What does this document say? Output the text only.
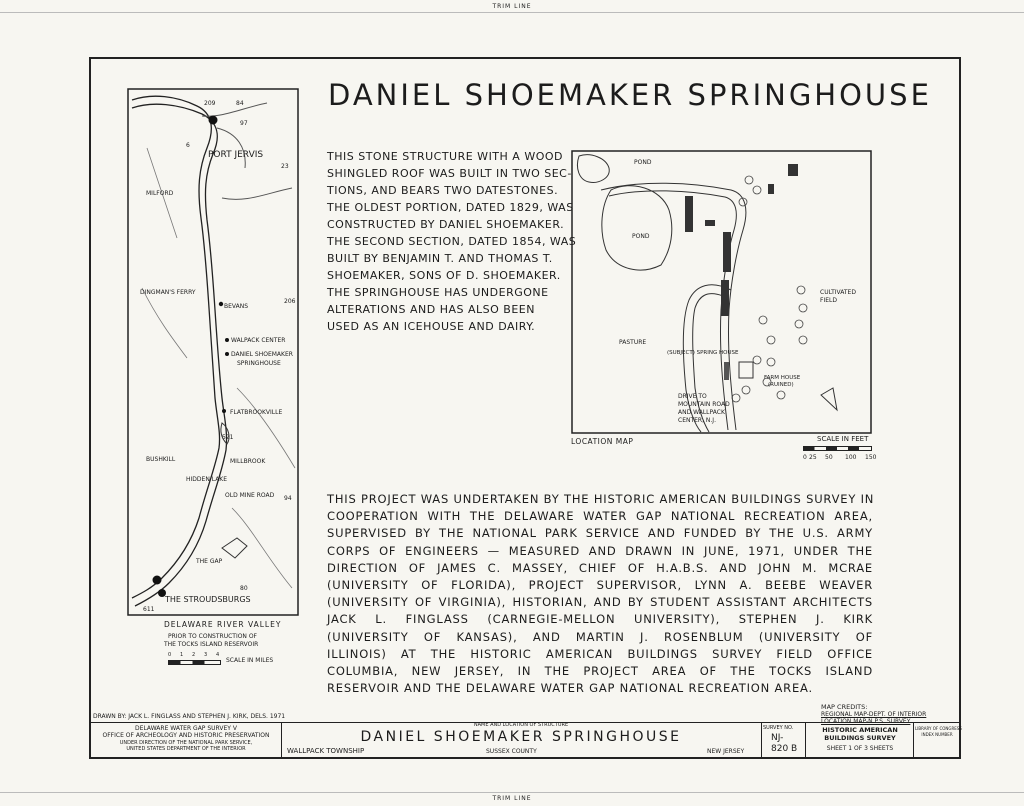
TRIM LINE
TRIM LINE
DANIEL SHOEMAKER SPRINGHOUSE
THIS STONE STRUCTURE WITH A WOOD
SHINGLED ROOF WAS BUILT IN TWO SEC-
TIONS, AND BEARS TWO DATESTONES.
THE OLDEST PORTION, DATED 1829, WAS
CONSTRUCTED BY DANIEL SHOEMAKER.
THE SECOND SECTION, DATED 1854, WAS
BUILT BY BENJAMIN T. AND THOMAS T.
SHOEMAKER, SONS OF D. SHOEMAKER.
THE SPRINGHOUSE HAS UNDERGONE
ALTERATIONS AND HAS ALSO BEEN
USED AS AN ICEHOUSE AND DAIRY.
PORT JERVIS
MILFORD
DINGMAN'S FERRY
BEVANS
WALPACK CENTER
DANIEL SHOEMAKER
SPRINGHOUSE
FLATBROOKVILLE
BUSHKILL	MILLBROOK
HIDDEN LAKE
OLD MINE ROAD
THE GAP
THE STROUDSBURGS
209	84
97
6
23
206
521
94
80
611
DELAWARE RIVER VALLEY
PRIOR TO CONSTRUCTION OF
THE TOCKS ISLAND RESERVOIR
0 1 2 3 4
SCALE IN MILES
POND
POND
CULTIVATED
FIELD
PASTURE
(SUBJECT) SPRING HOUSE
FARM HOUSE
(RUINED)
DRIVE TO
MOUNTAIN ROAD
AND WALLPACK
CENTER, N.J.
LOCATION MAP	SCALE IN FEET
0 25 50 100 150
THIS PROJECT WAS UNDERTAKEN BY THE HISTORIC AMERICAN BUILDINGS SURVEY IN
COOPERATION WITH THE DELAWARE WATER GAP NATIONAL RECREATION AREA,
SUPERVISED BY THE NATIONAL PARK SERVICE AND FUNDED BY THE U.S. ARMY
CORPS OF ENGINEERS — MEASURED AND DRAWN IN JUNE, 1971, UNDER THE
DIRECTION OF JAMES C. MASSEY, CHIEF OF H.A.B.S. AND JOHN M. MCRAE
(UNIVERSITY OF FLORIDA), PROJECT SUPERVISOR, LYNN A. BEEBE WEAVER
(UNIVERSITY OF VIRGINIA), HISTORIAN, AND BY STUDENT ASSISTANT ARCHITECTS
JACK L. FINGLASS (CARNEGIE-MELLON UNIVERSITY), STEPHEN J. KIRK
(UNIVERSITY OF KANSAS), AND MARTIN J. ROSENBLUM (UNIVERSITY OF
ILLINOIS) AT THE HISTORIC AMERICAN BUILDINGS SURVEY FIELD OFFICE
COLUMBIA, NEW JERSEY, IN THE PROJECT AREA OF THE TOCKS ISLAND
RESERVOIR AND THE DELAWARE WATER GAP NATIONAL RECREATION AREA.
MAP CREDITS:
REGIONAL MAP-DEPT. OF INTERIOR
LOCATION MAP-N.P.S. SURVEY
DRAWN BY: JACK L. FINGLASS AND STEPHEN J. KIRK, DELS. 1971
DELAWARE WATER GAP SURVEY V
OFFICE OF ARCHEOLOGY AND HISTORIC PRESERVATION
UNDER DIRECTION OF THE NATIONAL PARK SERVICE,
UNITED STATES DEPARTMENT OF THE INTERIOR
NAME AND LOCATION OF STRUCTURE
DANIEL SHOEMAKER SPRINGHOUSE
WALLPACK TOWNSHIP	SUSSEX COUNTY	NEW JERSEY
SURVEY NO.
NJ-
820 B
HISTORIC AMERICAN
BUILDINGS SURVEY
SHEET 1 OF 3 SHEETS
LIBRARY OF CONGRESS
INDEX NUMBER
